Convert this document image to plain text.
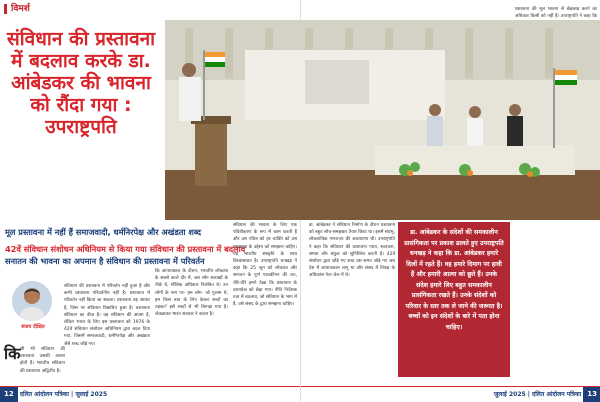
विमर्श
संविधान की प्रस्तावना में बदलाव करके डा. आंबेडकर की भावना को रौंदा गया : उपराष्ट्रपति
मूल प्रस्तावना में नहीं हैं समाजवादी, धर्मनिरपेक्ष और अखंडता शब्द
42वें संविधान संशोधन अधिनियम से किया गया संविधान की प्रस्तावना में बदलाव
सनातन की भावना का अपमान है संविधान की प्रस्तावना में परिवर्तन
संजय दीक्षित
कि सी भी संविधान की प्रस्तावना उसकी आत्मा होती है। भारतीय संविधान की प्रस्तावना अद्वितीय है।

संविधान की प्रस्तावना में परिवर्तन नहीं हुआ है और कभी प्रस्तावना परिवर्तनीय नहीं है। प्रस्तावना में परिवर्तन नहीं किया जा सकता। प्रस्तावना वह आधार है, जिस पर संविधान विकसित हुआ है। प्रस्तावना संविधान का बीज है। वह संविधान की आत्मा है, लेकिन भारत के लिए इस प्रस्तावना को 1976 के 42वें संविधान संशोधन अधिनियम द्वारा बदल दिया गया, जिसमें समाजवादी, धर्मनिरपेक्ष और अखंडता जैसे शब्द जोड़े गए।

कि आपातकाल के दौरान, भारतीय लोकतंत्र के सबसे काले दौर में, जब लोग सलाखों के पीछे थे, मौलिक अधिकार निलंबित थे। उन लोगों के नाम पर- हम लोग- जो गुलाम थे, हम किस बात के लिए केवल शब्दों का तड़का? इसे शब्दों से भी बिगाड़ा गया है। जेकडाकर भारत सरकार ने बदला है।

संविधान की भावना के लिए एक पवित्रीकरण के रूप में काम करती है और उस पवित्र को हर व्यक्ति को उस प्रस्तावना के उद्देश्य को समझना चाहिए। यह भारतीय संस्कृति के साथ विश्वासघात है। उपराष्ट्रपति धनखड़ ने कहा कि 25 जून को लोकतंत्र और सनातन के पूर्ण एकाकीपन की रात, धीरे-धीरे हमने देखा कि प्रस्तावना के दस्तावेज़ को छेड़ा गया। नीति निर्देशक तत्व में बदलाव, जो संविधान के भाग में है, उसे संसद के द्वारा समझना चाहिए।

12 दलित आंदोलन पत्रिका | जुलाई 2025

डा. आंबेडकर ने संविधान निर्माण के दौरान प्रस्तावना को बहुत सोच-समझकर तैयार किया था। इसमें संप्रभु, लोकतांत्रिक गणराज्य की अवधारणा थी। उपराष्ट्रपति ने कहा कि संविधान की प्रस्तावना न्याय, स्वतंत्रता, समता और बंधुत्व को सुनिश्चित करती है। 42वें संशोधन द्वारा जोड़े गए शब्द उस समय जोड़े गए जब देश में आपातकाल लागू था और संसद में विपक्ष के अधिकांश नेता जेल में थे।

डा. आंबेडकर के संदेशों की समकालीन प्रासंगिकता पर प्रकाश डालते हुए उपराष्ट्रपति धनखड़ ने कहा कि डा. आंबेडकर हमारे दिलों में रहते हैं। वह हमारे दिमाग पर हावी हैं और हमारी आत्मा को छूते हैं। उनके संदेश हमारे लिए बहुत समकालीन प्रासंगिकता रखते हैं। उनके संदेशों को परिवार के स्तर तक ले जाने की जरूरत है। बच्चों को इन संदेशों के बारे में पता होना चाहिए।

प्रस्तावना की मूल भावना से छेड़छाड़ करने का अधिकार किसी को नहीं है। उपराष्ट्रपति ने कहा कि

जुलाई 2025 | दलित आंदोलन पत्रिका 13
